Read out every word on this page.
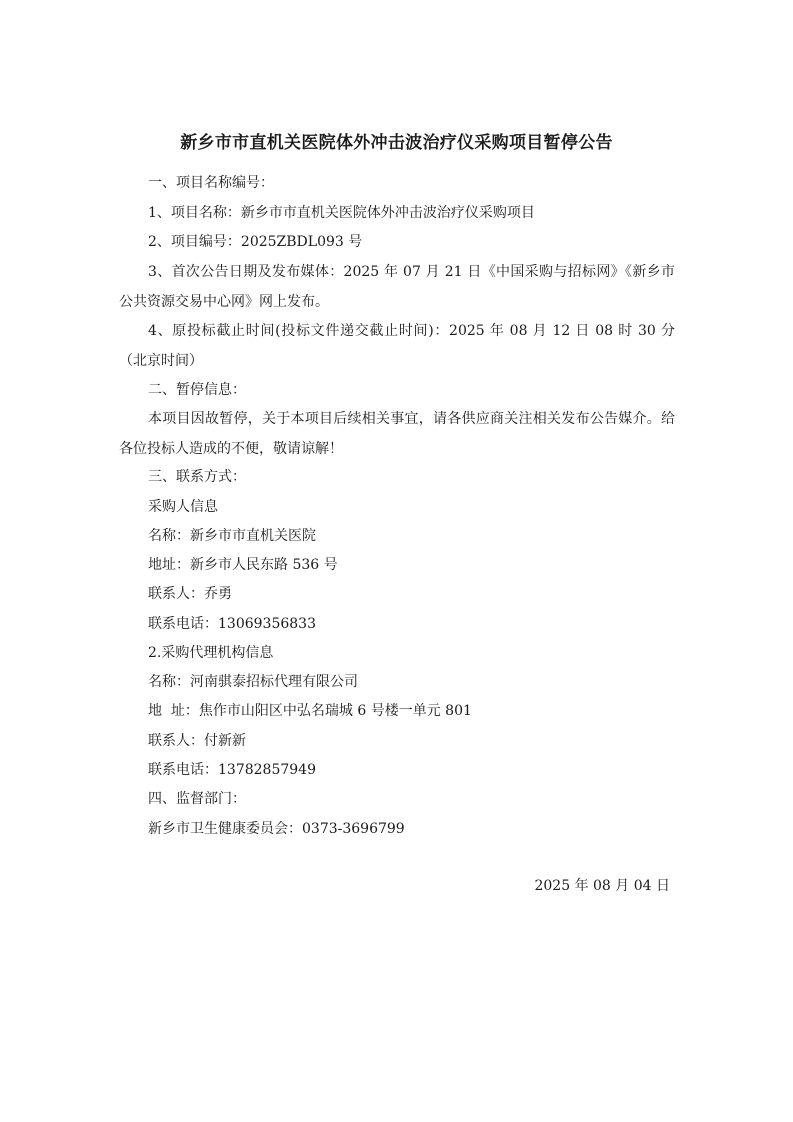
新乡市市直机关医院体外冲击波治疗仪采购项目暂停公告
一、项目名称编号：
1、项目名称：新乡市市直机关医院体外冲击波治疗仪采购项目
2、项目编号：2025ZBDL093 号
3、首次公告日期及发布媒体：2025 年 07 月 21 日《中国采购与招标网》《新乡市公共资源交易中心网》网上发布。
4、原投标截止时间(投标文件递交截止时间)：2025 年 08 月 12 日 08 时 30 分（北京时间）
二、暂停信息：
本项目因故暂停，关于本项目后续相关事宜，请各供应商关注相关发布公告媒介。给各位投标人造成的不便，敬请谅解！
三、联系方式：
采购人信息
名称：新乡市市直机关医院
地址：新乡市人民东路 536 号
联系人：乔勇
联系电话：13069356833
2.采购代理机构信息
名称：河南骐泰招标代理有限公司
地  址：焦作市山阳区中弘名瑞城 6 号楼一单元 801
联系人：付新新
联系电话：13782857949
四、监督部门：
新乡市卫生健康委员会：0373-3696799
2025 年 08 月 04 日
